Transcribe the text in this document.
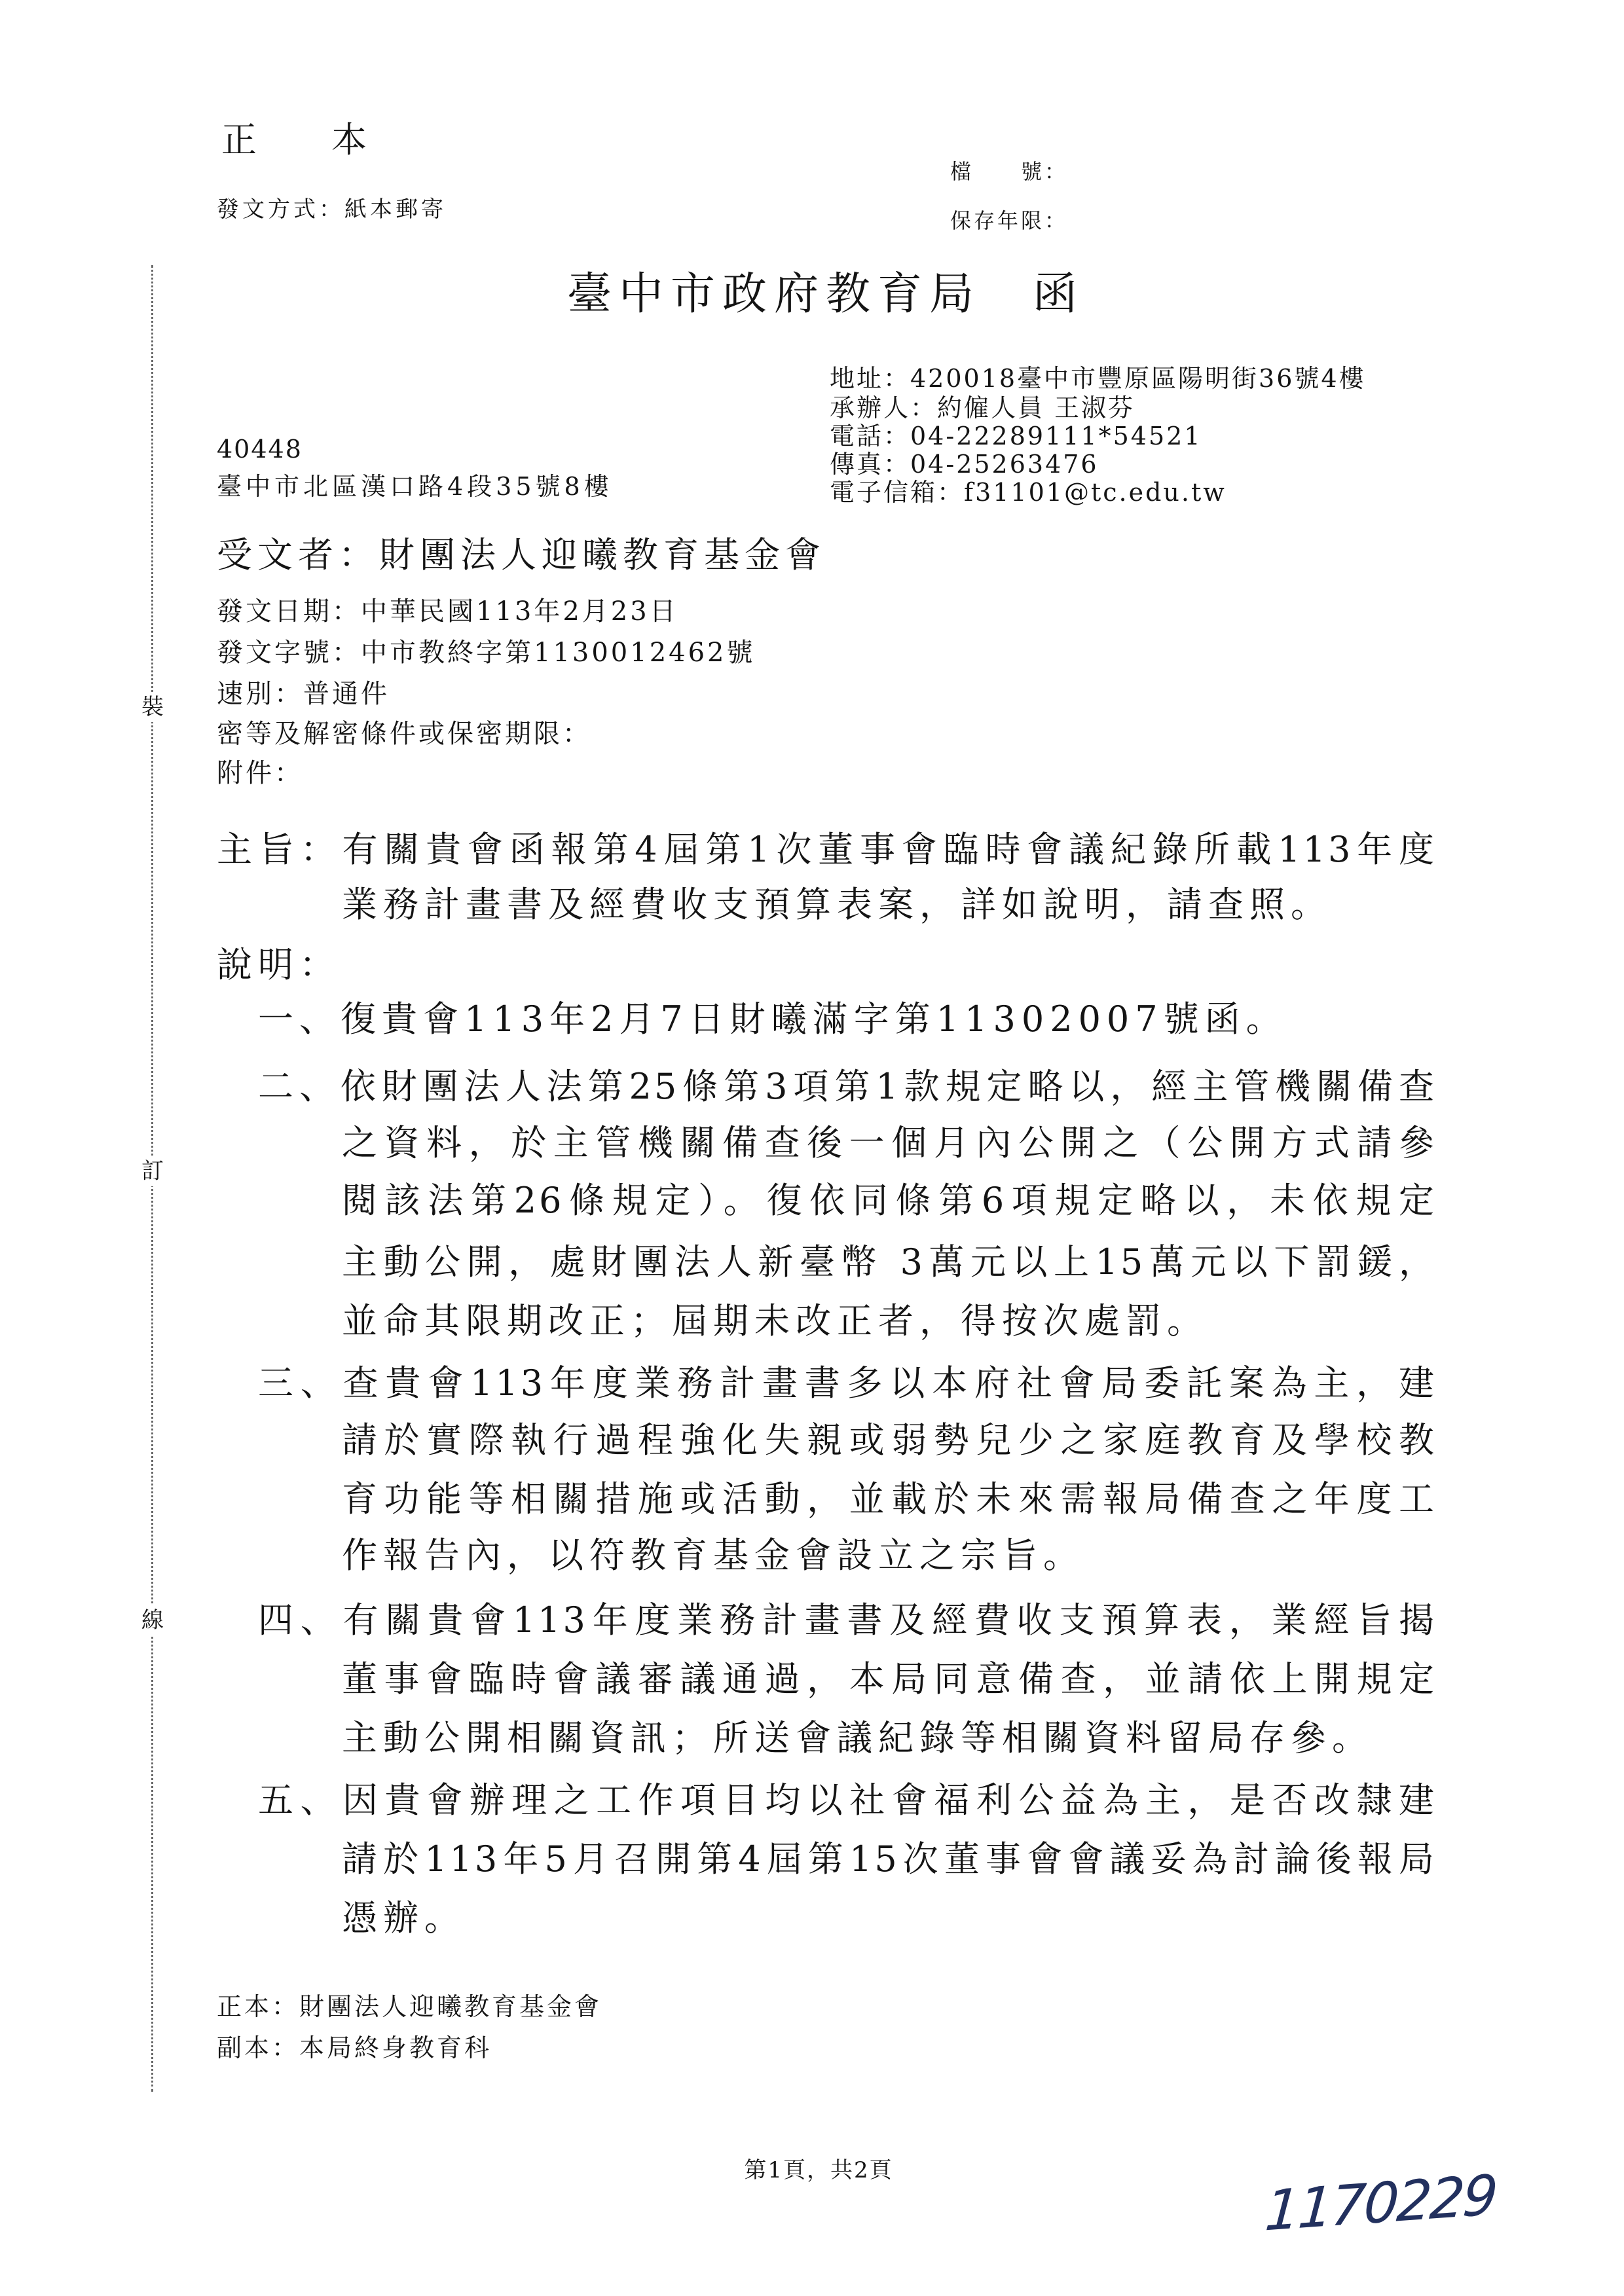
正　本
發文方式：紙本郵寄
檔　　號：
保存年限：
裝
訂
線
臺中市政府教育局　函
地址：420018臺中市豐原區陽明街36號4樓
承辦人：約僱人員 王淑芬
電話：04-22289111*54521
傳真：04-25263476
電子信箱：f31101@tc.edu.tw
40448
臺中市北區漢口路4段35號8樓
受文者：財團法人迎曦教育基金會
發文日期：中華民國113年2月23日
發文字號：中市教終字第1130012462號
速別：普通件
密等及解密條件或保密期限：
附件：
主旨：有關貴會函報第4屆第1次董事會臨時會議紀錄所載113年度
業務計畫書及經費收支預算表案，詳如說明，請查照。
說明：
一、復貴會113年2月7日財曦滿字第11302007號函。
二、依財團法人法第25條第3項第1款規定略以，經主管機關備查
之資料，於主管機關備查後一個月內公開之（公開方式請參
閱該法第26條規定）。復依同條第6項規定略以，未依規定
主動公開，處財團法人新臺幣 3萬元以上15萬元以下罰鍰，
並命其限期改正；屆期未改正者，得按次處罰。
三、查貴會113年度業務計畫書多以本府社會局委託案為主，建
請於實際執行過程強化失親或弱勢兒少之家庭教育及學校教
育功能等相關措施或活動，並載於未來需報局備查之年度工
作報告內，以符教育基金會設立之宗旨。
四、有關貴會113年度業務計畫書及經費收支預算表，業經旨揭
董事會臨時會議審議通過，本局同意備查，並請依上開規定
主動公開相關資訊；所送會議紀錄等相關資料留局存參。
五、因貴會辦理之工作項目均以社會福利公益為主，是否改隸建
請於113年5月召開第4屆第15次董事會會議妥為討論後報局
憑辦。
正本：財團法人迎曦教育基金會
副本：本局終身教育科
第1頁，共2頁	1170229
